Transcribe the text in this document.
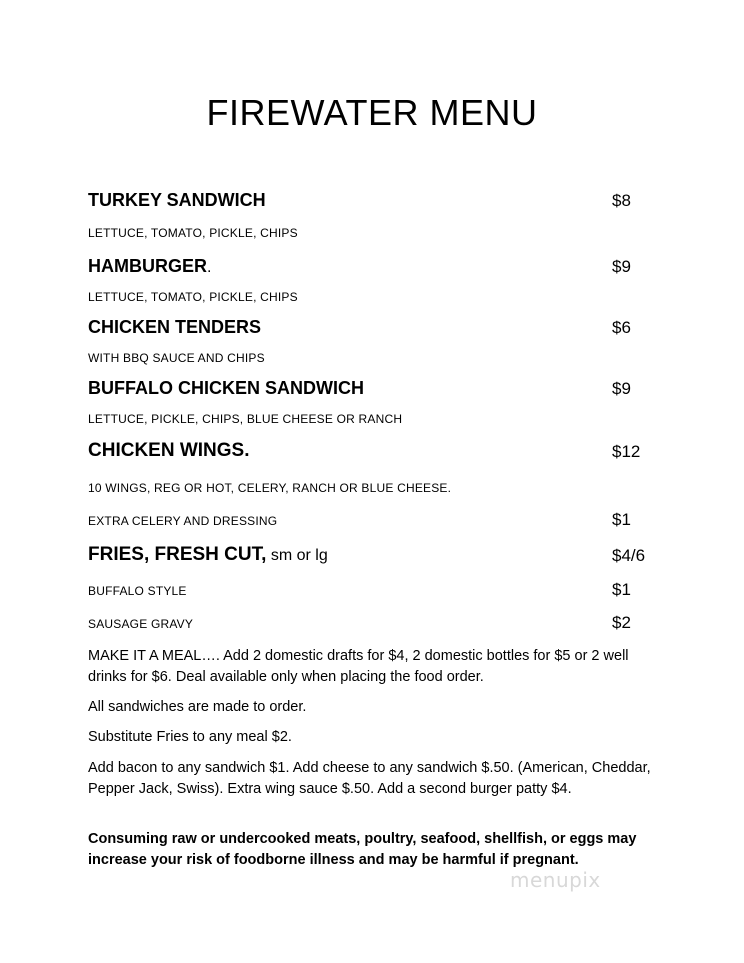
FIREWATER MENU
TURKEY SANDWICH	$8
LETTUCE, TOMATO, PICKLE, CHIPS
HAMBURGER.	$9
LETTUCE, TOMATO, PICKLE, CHIPS
CHICKEN TENDERS	$6
WITH BBQ SAUCE AND CHIPS
BUFFALO CHICKEN SANDWICH	$9
LETTUCE, PICKLE, CHIPS, BLUE CHEESE OR RANCH
CHICKEN WINGS.	$12
10 WINGS, REG OR HOT, CELERY, RANCH OR BLUE CHEESE.
EXTRA CELERY AND DRESSING	$1
FRIES, FRESH CUT, sm or lg	$4/6
BUFFALO STYLE	$1
SAUSAGE GRAVY	$2
MAKE IT A MEAL…. Add 2 domestic drafts for $4, 2 domestic bottles for $5 or 2 well drinks for $6. Deal available only when placing the food order.
All sandwiches are made to order.
Substitute Fries to any meal $2.
Add bacon to any sandwich $1. Add cheese to any sandwich $.50. (American, Cheddar, Pepper Jack, Swiss). Extra wing sauce $.50. Add a second burger patty $4.
Consuming raw or undercooked meats, poultry, seafood, shellfish, or eggs may increase your risk of foodborne illness and may be harmful if pregnant.
menupix
